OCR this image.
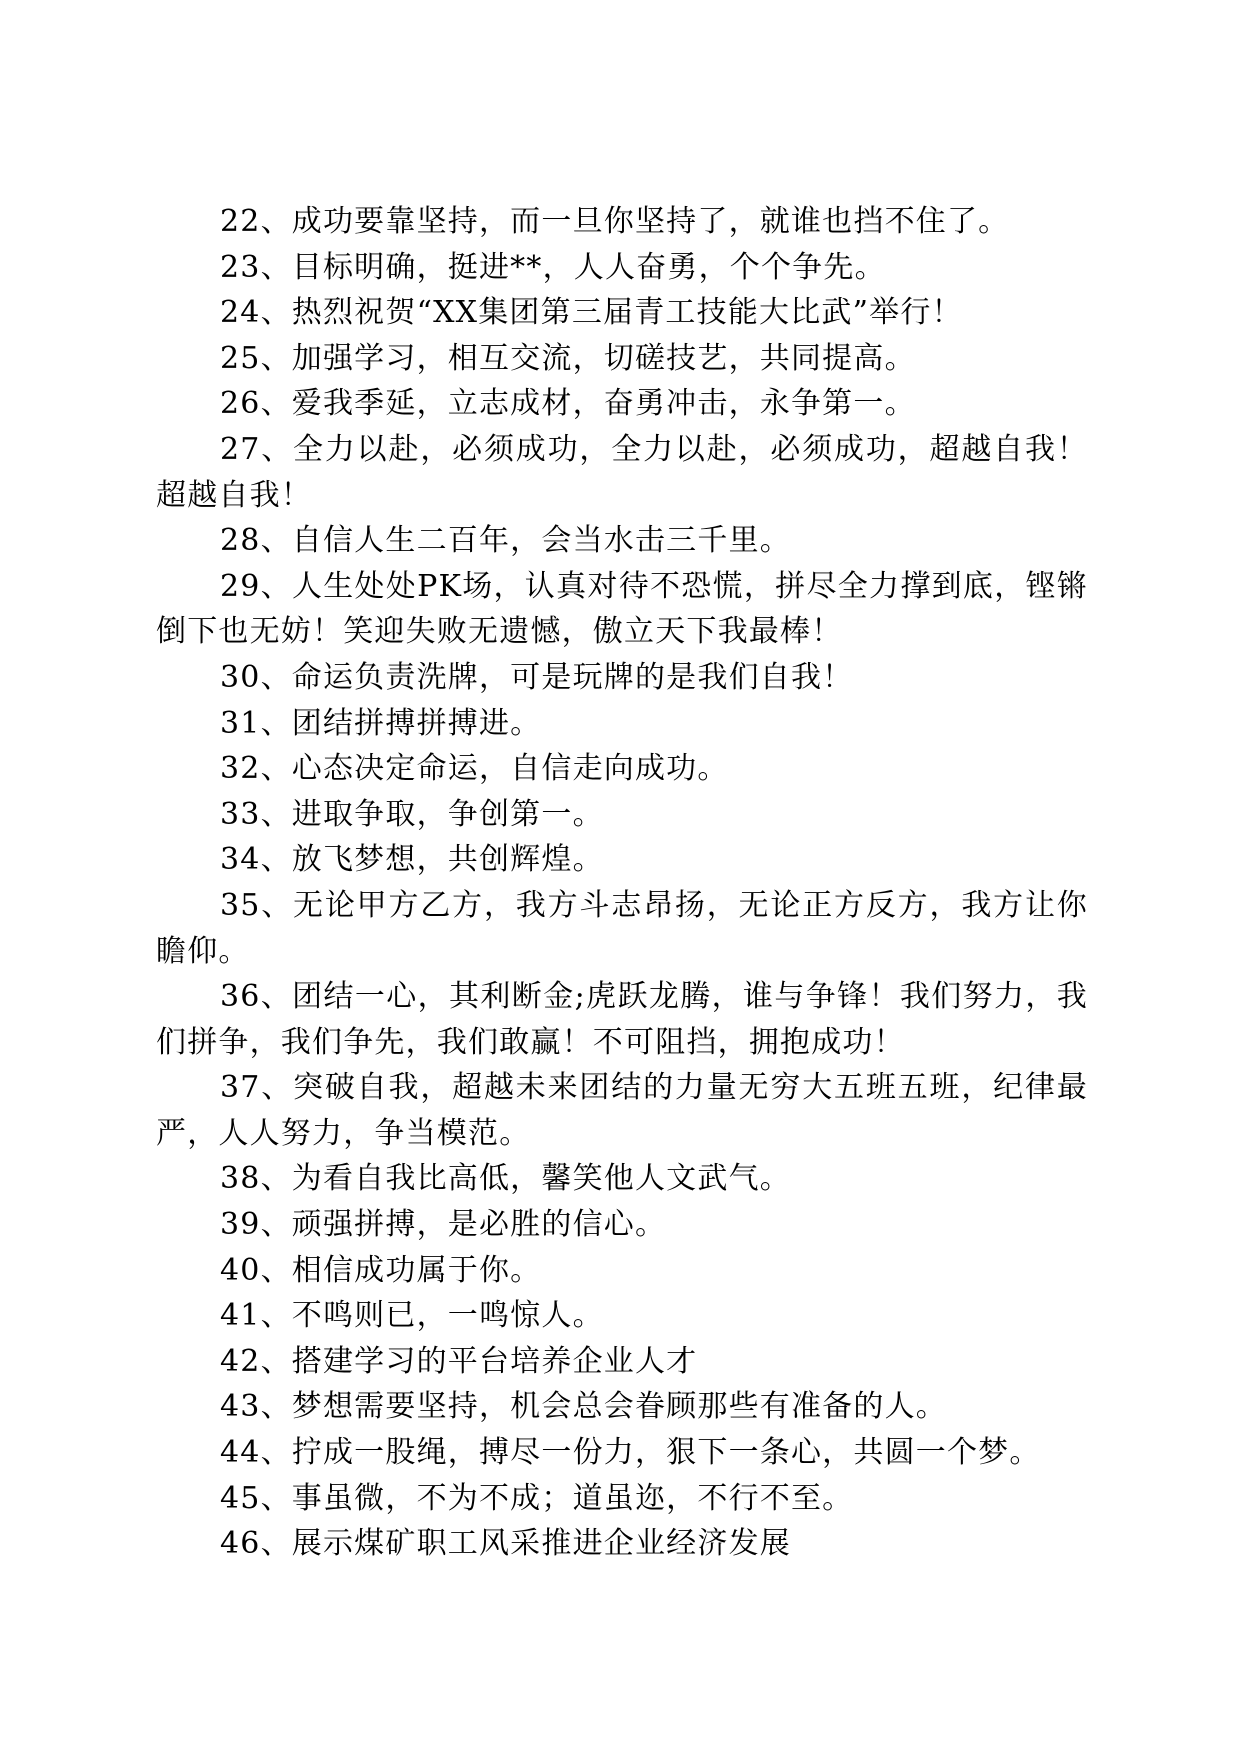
22、成功要靠坚持，而一旦你坚持了，就谁也挡不住了。

23、目标明确，挺进**，人人奋勇，个个争先。

24、热烈祝贺“XX集团第三届青工技能大比武”举行！

25、加强学习，相互交流，切磋技艺，共同提高。

26、爱我季延，立志成材，奋勇冲击，永争第一。

27、全力以赴，必须成功，全力以赴，必须成功，超越自我！超越自我！

28、自信人生二百年，会当水击三千里。

29、人生处处PK场，认真对待不恐慌，拼尽全力撑到底，铿锵倒下也无妨！笑迎失败无遗憾，傲立天下我最棒！

30、命运负责洗牌，可是玩牌的是我们自我！

31、团结拼搏拼搏进。

32、心态决定命运，自信走向成功。

33、进取争取，争创第一。

34、放飞梦想，共创辉煌。

35、无论甲方乙方，我方斗志昂扬，无论正方反方，我方让你瞻仰。

36、团结一心，其利断金;虎跃龙腾，谁与争锋！我们努力，我们拼争，我们争先，我们敢赢！不可阻挡，拥抱成功！

37、突破自我，超越未来团结的力量无穷大五班五班，纪律最严，人人努力，争当模范。

38、为看自我比高低，馨笑他人文武气。

39、顽强拼搏，是必胜的信心。

40、相信成功属于你。

41、不鸣则已，一鸣惊人。

42、搭建学习的平台培养企业人才

43、梦想需要坚持，机会总会眷顾那些有准备的人。

44、拧成一股绳，搏尽一份力，狠下一条心，共圆一个梦。

45、事虽微，不为不成；道虽迩，不行不至。

46、展示煤矿职工风采推进企业经济发展
